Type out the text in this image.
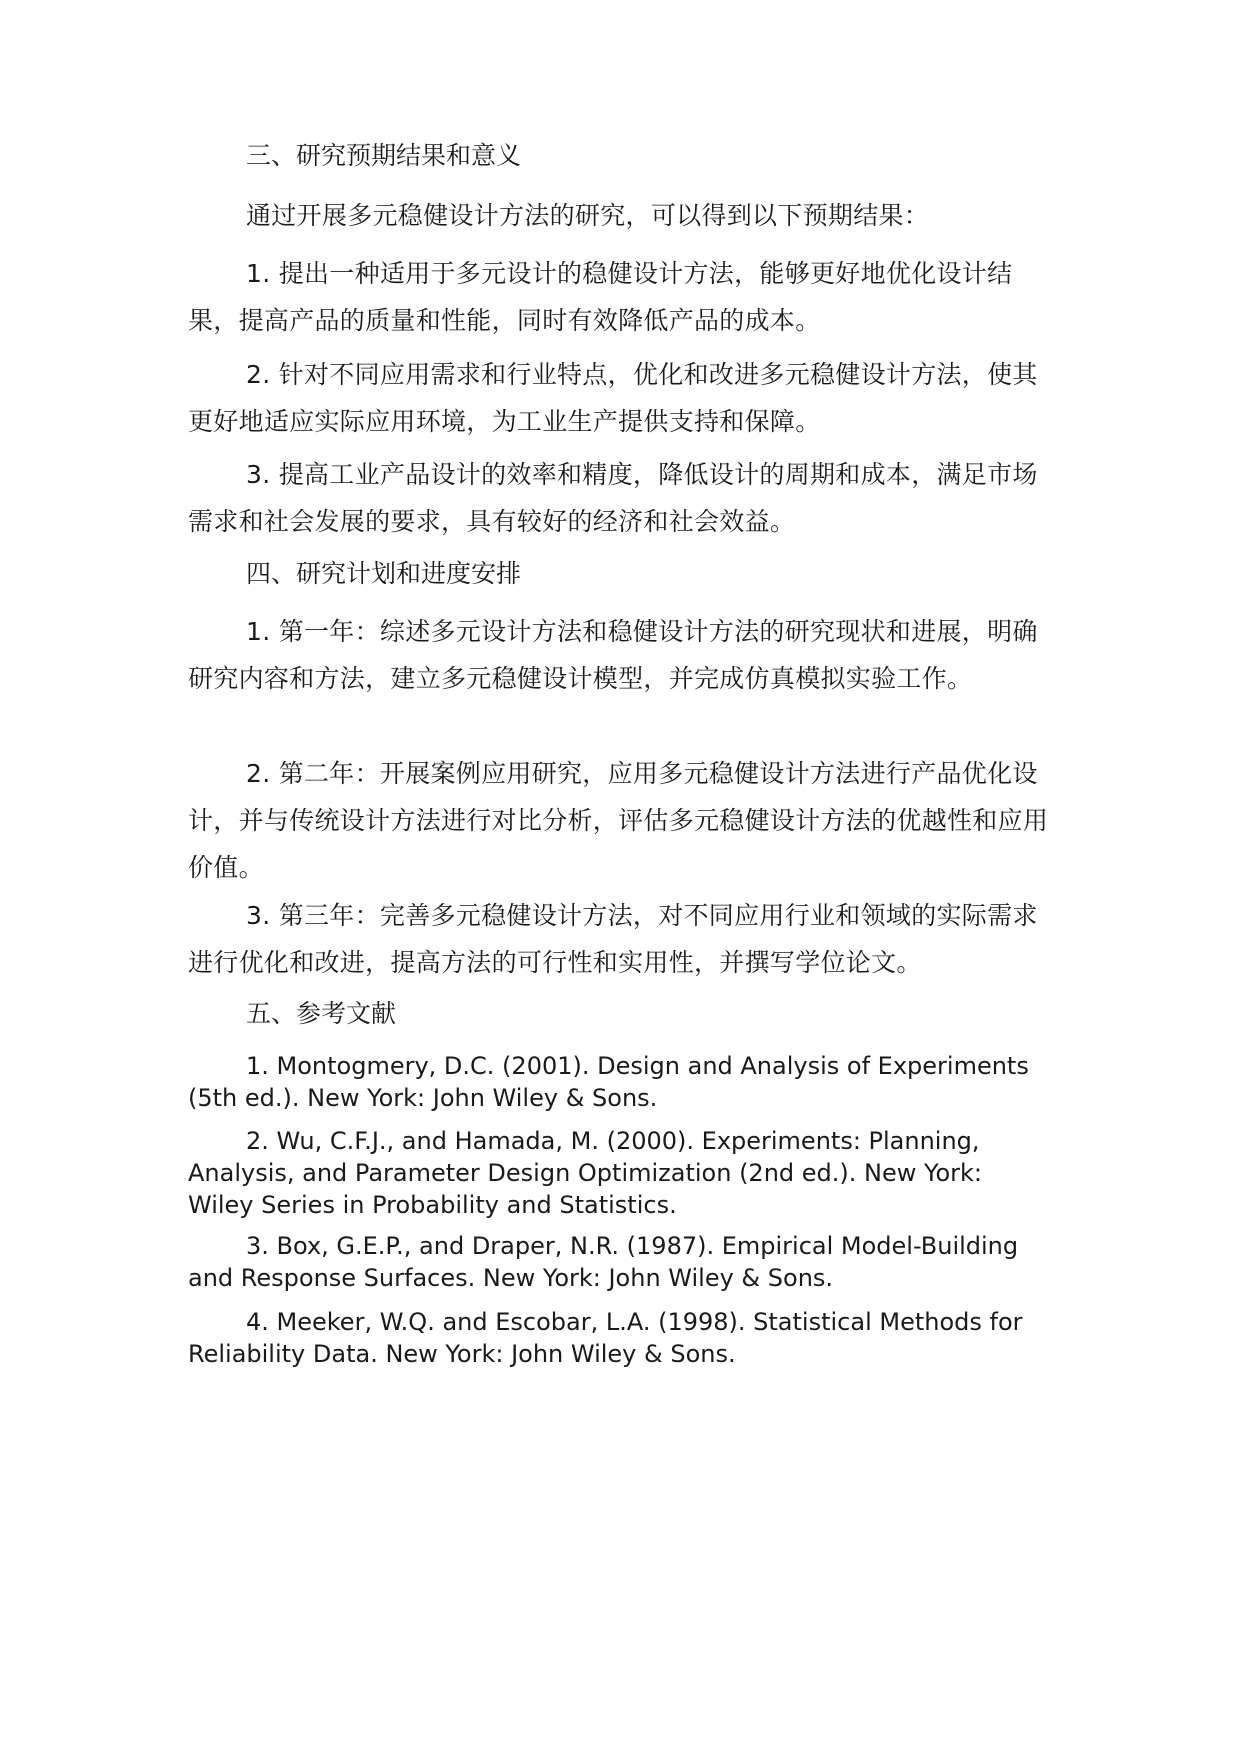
三、研究预期结果和意义

通过开展多元稳健设计方法的研究，可以得到以下预期结果：

1. 提出一种适用于多元设计的稳健设计方法，能够更好地优化设计结果，提高产品的质量和性能，同时有效降低产品的成本。

2. 针对不同应用需求和行业特点，优化和改进多元稳健设计方法，使其更好地适应实际应用环境，为工业生产提供支持和保障。

3. 提高工业产品设计的效率和精度，降低设计的周期和成本，满足市场需求和社会发展的要求，具有较好的经济和社会效益。

四、研究计划和进度安排

1. 第一年：综述多元设计方法和稳健设计方法的研究现状和进展，明确研究内容和方法，建立多元稳健设计模型，并完成仿真模拟实验工作。

2. 第二年：开展案例应用研究，应用多元稳健设计方法进行产品优化设计，并与传统设计方法进行对比分析，评估多元稳健设计方法的优越性和应用价值。

3. 第三年：完善多元稳健设计方法，对不同应用行业和领域的实际需求进行优化和改进，提高方法的可行性和实用性，并撰写学位论文。

五、参考文献

1. Montogmery, D.C. (2001). Design and Analysis of Experiments (5th ed.). New York: John Wiley & Sons.

2. Wu, C.F.J., and Hamada, M. (2000). Experiments: Planning, Analysis, and Parameter Design Optimization (2nd ed.). New York: Wiley Series in Probability and Statistics.

3. Box, G.E.P., and Draper, N.R. (1987). Empirical Model-Building and Response Surfaces. New York: John Wiley & Sons.

4. Meeker, W.Q. and Escobar, L.A. (1998). Statistical Methods for Reliability Data. New York: John Wiley & Sons.
